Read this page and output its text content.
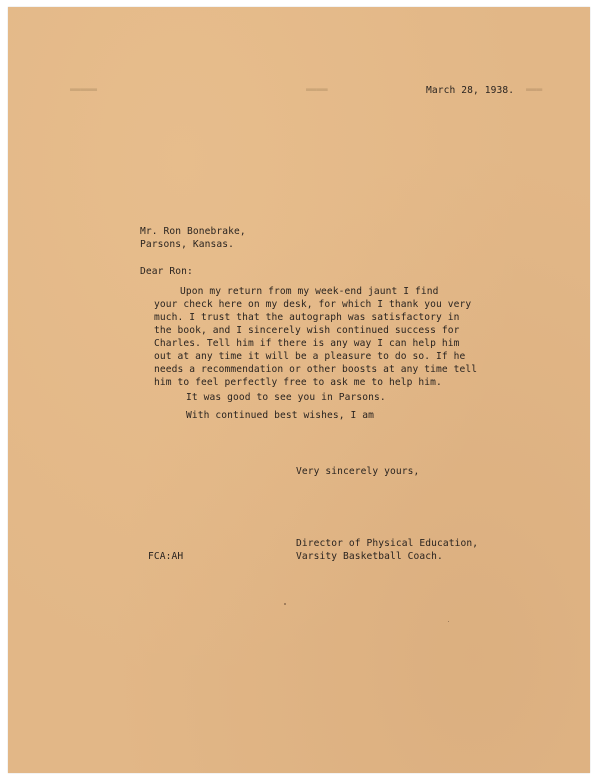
▬▬▬▬▬	▬▬▬▬	▬▬▬
March 28, 1938.
Mr. Ron Bonebrake,
Parsons, Kansas.
Dear Ron:
Upon my return from my week-end jaunt I find
your check here on my desk, for which I thank you very
much. I trust that the autograph was satisfactory in
the book, and I sincerely wish continued success for
Charles. Tell him if there is any way I can help him
out at any time it will be a pleasure to do so. If he
needs a recommendation or other boosts at any time tell
him to feel perfectly free to ask me to help him.
It was good to see you in Parsons.
With continued best wishes, I am
Very sincerely yours,
Director of Physical Education,
Varsity Basketball Coach.
FCA:AH
